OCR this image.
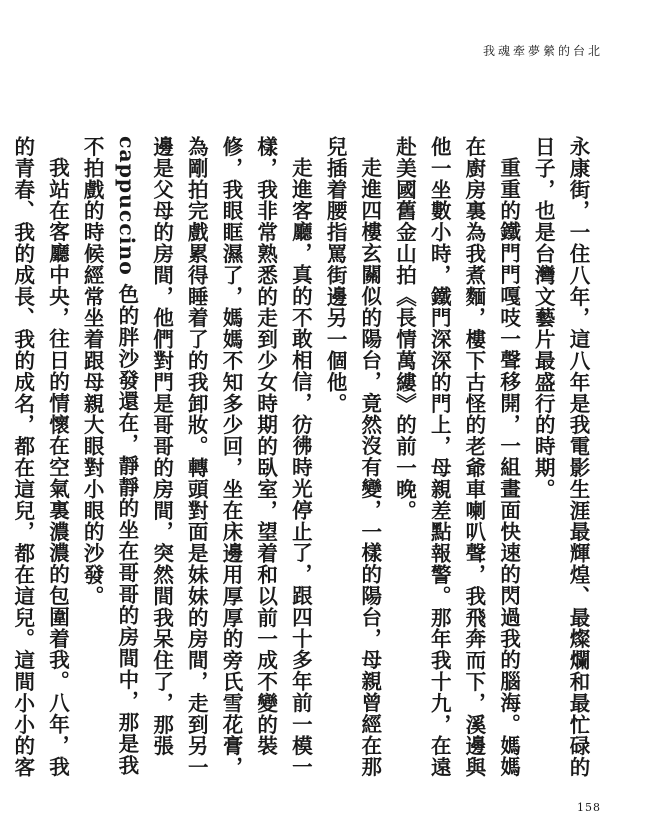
我魂牽夢縈的台北

永康街，一住八年，這八年是我電影生涯最輝煌、最燦爛和最忙碌的日子，也是台灣文藝片最盛行的時期。

重重的鐵門門嘎吱一聲移開，一組畫面快速的閃過我的腦海。媽媽在廚房裏為我煮麵，樓下古怪的老爺車喇叭聲，我飛奔而下，溪邊與他一坐數小時，鐵門深深的門上，母親差點報警。那年我十九，在遠赴美國舊金山拍《長情萬縷》的前一晚。

走進四樓玄關似的陽台，竟然沒有變，一樣的陽台，母親曾經在那兒插着腰指罵街邊另一個他。

走進客廳，真的不敢相信，彷彿時光停止了，跟四十多年前一模一樣，我非常熟悉的走到少女時期的臥室，望着和以前一成不變的裝修，我眼眶濕了，媽媽不知多少回，坐在床邊用厚厚的旁氏雪花膏，為剛拍完戲累得睡着了的我卸妝。轉頭對面是妹妹的房間，走到另一邊是父母的房間，他們對門是哥哥的房間，突然間我呆住了，那張 cappuccino 色的胖沙發還在，靜靜的坐在哥哥的房間中，那是我不拍戲的時候經常坐着跟母親大眼對小眼的沙發。

我站在客廳中央，往日的情懷在空氣裏濃濃的包圍着我。八年，我的青春、我的成長、我的成名，都在這兒，都在這兒。這間小小的客

158
